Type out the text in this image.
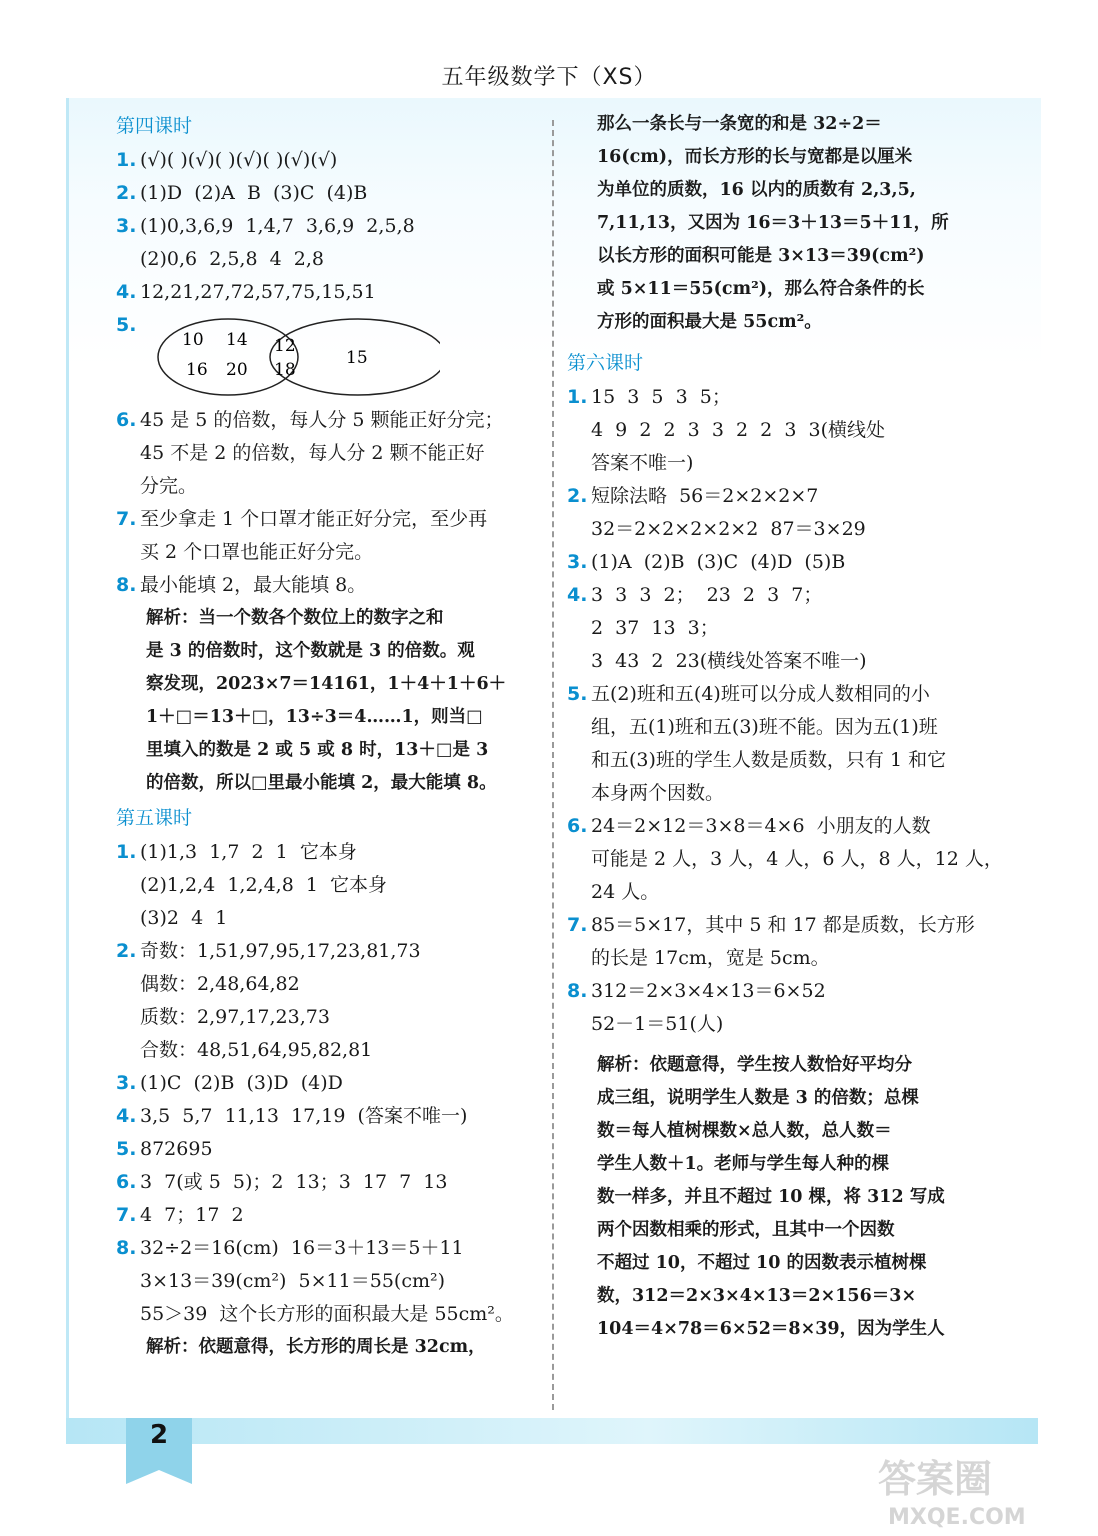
五年级数学下（XS）
第四课时
1. (√)( )(√)( )(√)( )(√)(√)
2. (1)D  (2)A  B  (3)C  (4)B
3. (1)0,3,6,9  1,4,7  3,6,9  2,5,8
(2)0,6  2,5,8  4  2,8
4. 12,21,27,72,57,75,15,51
5.
10 14
16 20
12
18
15
6. 45 是 5 的倍数，每人分 5 颗能正好分完；
45 不是 2 的倍数，每人分 2 颗不能正好
分完。
7. 至少拿走 1 个口罩才能正好分完，至少再
买 2 个口罩也能正好分完。
8. 最小能填 2，最大能填 8。
解析：当一个数各个数位上的数字之和
是 3 的倍数时，这个数就是 3 的倍数。观
察发现，2023×7＝14161，1＋4＋1＋6＋
1＋□＝13＋□，13÷3＝4……1，则当□
里填入的数是 2 或 5 或 8 时，13＋□是 3
的倍数，所以□里最小能填 2，最大能填 8。
第五课时
1. (1)1,3  1,7  2  1  它本身
(2)1,2,4  1,2,4,8  1  它本身
(3)2  4  1
2. 奇数：1,51,97,95,17,23,81,73
偶数：2,48,64,82
质数：2,97,17,23,73
合数：48,51,64,95,82,81
3. (1)C  (2)B  (3)D  (4)D
4. 3,5  5,7  11,13  17,19  (答案不唯一)
5. 872695
6. 3  7(或 5  5)；2  13；3  17  7  13
7. 4  7；17  2
8. 32÷2＝16(cm)  16＝3＋13＝5＋11
3×13＝39(cm²)  5×11＝55(cm²)
55＞39  这个长方形的面积最大是 55cm²。
解析：依题意得，长方形的周长是 32cm，
那么一条长与一条宽的和是 32÷2＝
16(cm)，而长方形的长与宽都是以厘米
为单位的质数，16 以内的质数有 2,3,5,
7,11,13，又因为 16＝3＋13＝5＋11，所
以长方形的面积可能是 3×13＝39(cm²)
或 5×11＝55(cm²)，那么符合条件的长
方形的面积最大是 55cm²。
第六课时
1. 15  3  5  3  5；
4  9  2  2  3  3  2  2  3  3(横线处
答案不唯一)
2. 短除法略  56＝2×2×2×7
32＝2×2×2×2×2  87＝3×29
3. (1)A  (2)B  (3)C  (4)D  (5)B
4. 3  3  3  2；  23  2  3  7；
2  37  13  3；
3  43  2  23(横线处答案不唯一)
5. 五(2)班和五(4)班可以分成人数相同的小
组，五(1)班和五(3)班不能。因为五(1)班
和五(3)班的学生人数是质数，只有 1 和它
本身两个因数。
6. 24＝2×12＝3×8＝4×6  小朋友的人数
可能是 2 人，3 人，4 人，6 人，8 人，12 人，
24 人。
7. 85＝5×17，其中 5 和 17 都是质数，长方形
的长是 17cm，宽是 5cm。
8. 312＝2×3×4×13＝6×52
52－1＝51(人)
解析：依题意得，学生按人数恰好平均分
成三组，说明学生人数是 3 的倍数；总棵
数＝每人植树棵数×总人数，总人数＝
学生人数＋1。老师与学生每人种的棵
数一样多，并且不超过 10 棵，将 312 写成
两个因数相乘的形式，且其中一个因数
不超过 10，不超过 10 的因数表示植树棵
数，312＝2×3×4×13＝2×156＝3×
104＝4×78＝6×52＝8×39，因为学生人
2
答案圈
MXQE.COM
